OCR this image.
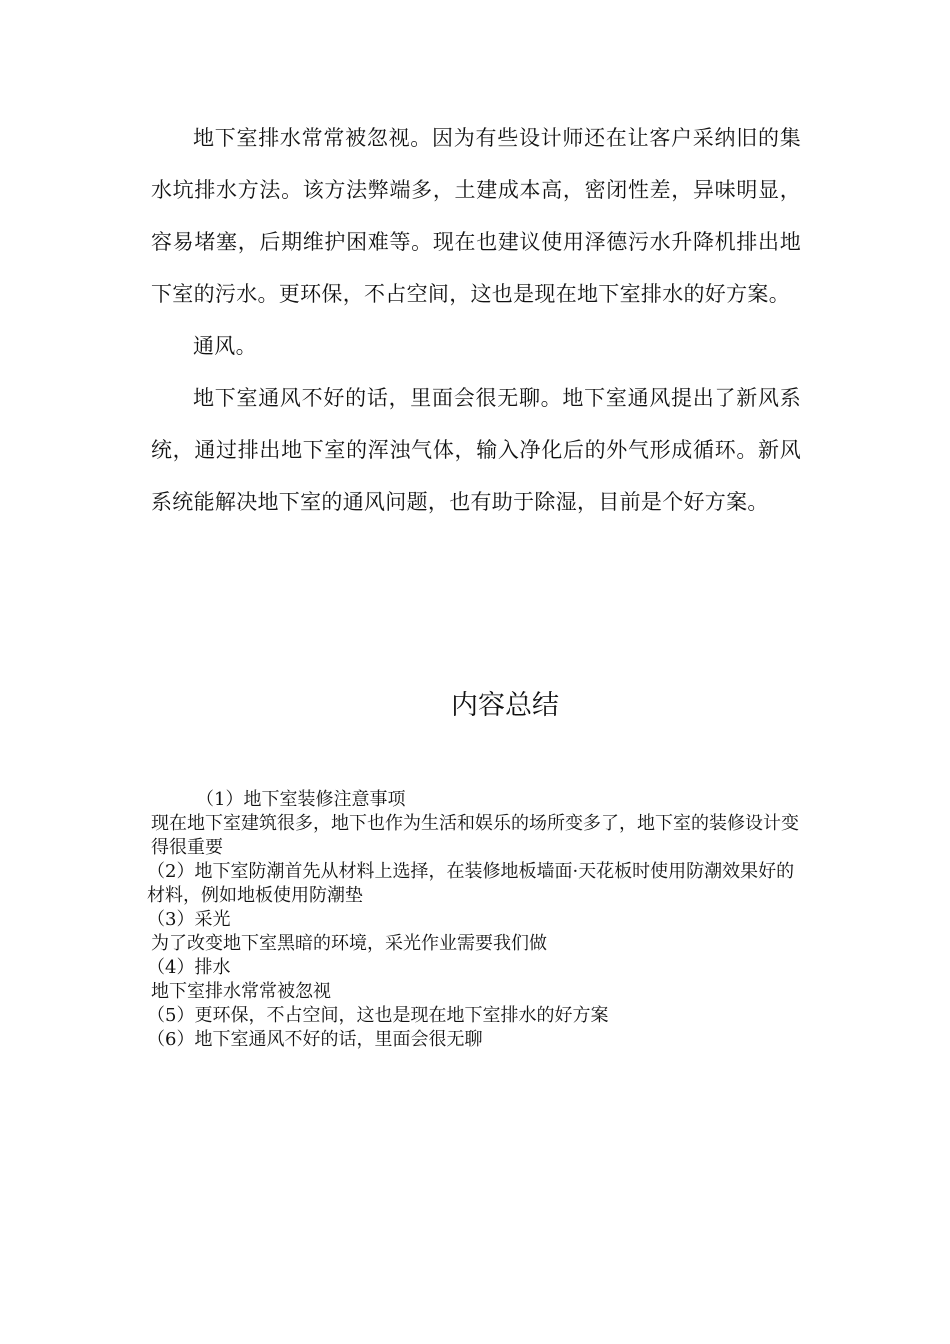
地下室排水常常被忽视。因为有些设计师还在让客户采纳旧的集水坑排水方法。该方法弊端多，土建成本高，密闭性差，异味明显，容易堵塞，后期维护困难等。现在也建议使用泽德污水升降机排出地下室的污水。更环保，不占空间，这也是现在地下室排水的好方案。

通风。

地下室通风不好的话，里面会很无聊。地下室通风提出了新风系统，通过排出地下室的浑浊气体，输入净化后的外气形成循环。新风系统能解决地下室的通风问题，也有助于除湿，目前是个好方案。

内容总结
（1）地下室装修注意事项
现在地下室建筑很多，地下也作为生活和娱乐的场所变多了，地下室的装修设计变得很重要
（2）地下室防潮首先从材料上选择，在装修地板墙面·天花板时使用防潮效果好的材料，例如地板使用防潮垫
（3）采光
为了改变地下室黑暗的环境，采光作业需要我们做
（4）排水
地下室排水常常被忽视
（5）更环保，不占空间，这也是现在地下室排水的好方案
（6）地下室通风不好的话，里面会很无聊
